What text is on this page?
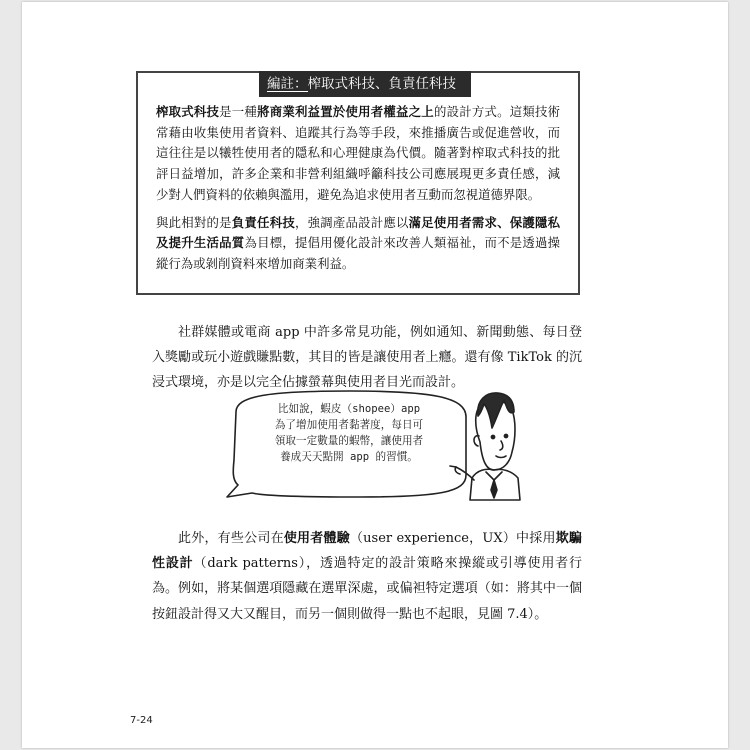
榨取式科技是一種將商業利益置於使用者權益之上的設計方式。這類技術常藉由收集使用者資料、追蹤其行為等手段，來推播廣告或促進營收，而這往往是以犧牲使用者的隱私和心理健康為代價。隨著對榨取式科技的批評日益增加，許多企業和非營利組織呼籲科技公司應展現更多責任感，減少對人們資料的依賴與濫用，避免為追求使用者互動而忽視道德界限。

與此相對的是負責任科技，強調產品設計應以滿足使用者需求、保護隱私及提升生活品質為目標，提倡用優化設計來改善人類福祉，而不是透過操縱行為或剝削資料來增加商業利益。

編註：榨取式科技、負責任科技

社群媒體或電商 app 中許多常見功能，例如通知、新聞動態、每日登入獎勵或玩小遊戲賺點數，其目的皆是讓使用者上癮。還有像 TikTok 的沉浸式環境，亦是以完全佔據螢幕與使用者目光而設計。

比如說，蝦皮（shopee）app
為了增加使用者黏著度，每日可
領取一定數量的蝦幣，讓使用者
養成天天點開 app 的習慣。

此外，有些公司在使用者體驗（user experience，UX）中採用欺騙性設計（dark patterns），透過特定的設計策略來操縱或引導使用者行為。例如，將某個選項隱藏在選單深處，或偏袒特定選項（如：將其中一個按鈕設計得又大又醒目，而另一個則做得一點也不起眼，見圖 7.4）。

7-24
